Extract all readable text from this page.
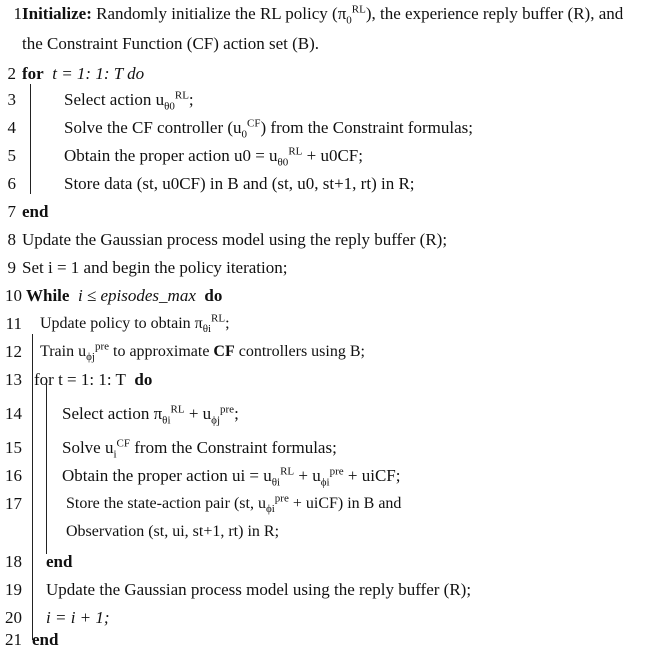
1 Initialize: Randomly initialize the RL policy $(\pi_0^{RL})$, the experience reply buffer (R), and
the Constraint Function (CF) action set (B).
2 for t = 1: 1: T do
3	Select action $u_{\theta 0}^{RL}$;
4	Solve the CF controller $(u_0^{CF})$ from the Constraint formulas;
5	Obtain the proper action $u0 = u_{\theta 0}^{RL} + u0CF$;
6	Store data (st, u0CF) in B and (st, u0, st+1, rt) in R;
7 end
8 Update the Gaussian process model using the reply buffer (R);
9 Set i = 1 and begin the policy iteration;
10 While i ≤ episodes_max do
11 Update policy to obtain $\pi_{\theta i}^{RL}$;
12 Train $u_{\phi j}^{pre}$ to approximate CF controllers using B;
13 for t = 1: 1: T do
14 Select action $\pi_{\theta i}^{RL} + u_{\phi j}^{pre}$;
15 Solve $u_i^{CF}$ from the Constraint formulas;
16 Obtain the proper action ui = $u_{\theta i}^{RL} + u_{\phi i}^{pre}$ + uiCF;
17	Store the state-action pair (st, $u_{\phi i}^{pre}$ + uiCF) in B and
Observation (st, ui, st+1, rt) in R;
18 end
19 Update the Gaussian process model using the reply buffer (R);
20 i = i + 1;
21 end
